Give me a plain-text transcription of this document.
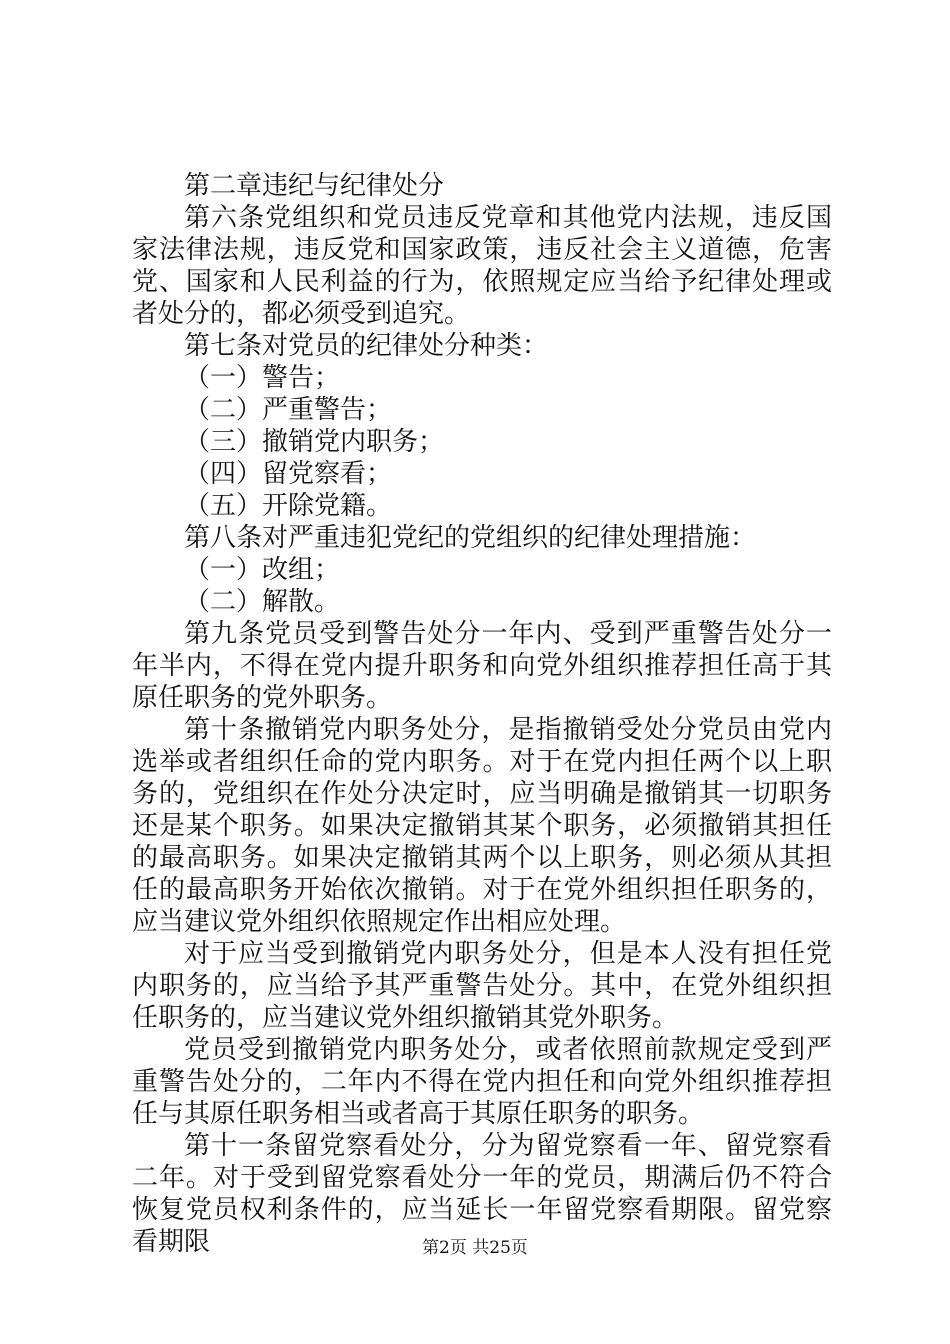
第二章违纪与纪律处分

第六条党组织和党员违反党章和其他党内法规，违反国家法律法规，违反党和国家政策，违反社会主义道德，危害党、国家和人民利益的行为，依照规定应当给予纪律处理或者处分的，都必须受到追究。

第七条对党员的纪律处分种类：

（一）警告；

（二）严重警告；

（三）撤销党内职务；

（四）留党察看；

（五）开除党籍。

第八条对严重违犯党纪的党组织的纪律处理措施：

（一）改组；

（二）解散。

第九条党员受到警告处分一年内、受到严重警告处分一年半内，不得在党内提升职务和向党外组织推荐担任高于其原任职务的党外职务。

第十条撤销党内职务处分，是指撤销受处分党员由党内选举或者组织任命的党内职务。对于在党内担任两个以上职务的，党组织在作处分决定时，应当明确是撤销其一切职务还是某个职务。如果决定撤销其某个职务，必须撤销其担任的最高职务。如果决定撤销其两个以上职务，则必须从其担任的最高职务开始依次撤销。对于在党外组织担任职务的，应当建议党外组织依照规定作出相应处理。

对于应当受到撤销党内职务处分，但是本人没有担任党内职务的，应当给予其严重警告处分。其中，在党外组织担任职务的，应当建议党外组织撤销其党外职务。

党员受到撤销党内职务处分，或者依照前款规定受到严重警告处分的，二年内不得在党内担任和向党外组织推荐担任与其原任职务相当或者高于其原任职务的职务。

第十一条留党察看处分，分为留党察看一年、留党察看二年。对于受到留党察看处分一年的党员，期满后仍不符合恢复党员权利条件的，应当延长一年留党察看期限。留党察看期限	第2页 共25页
